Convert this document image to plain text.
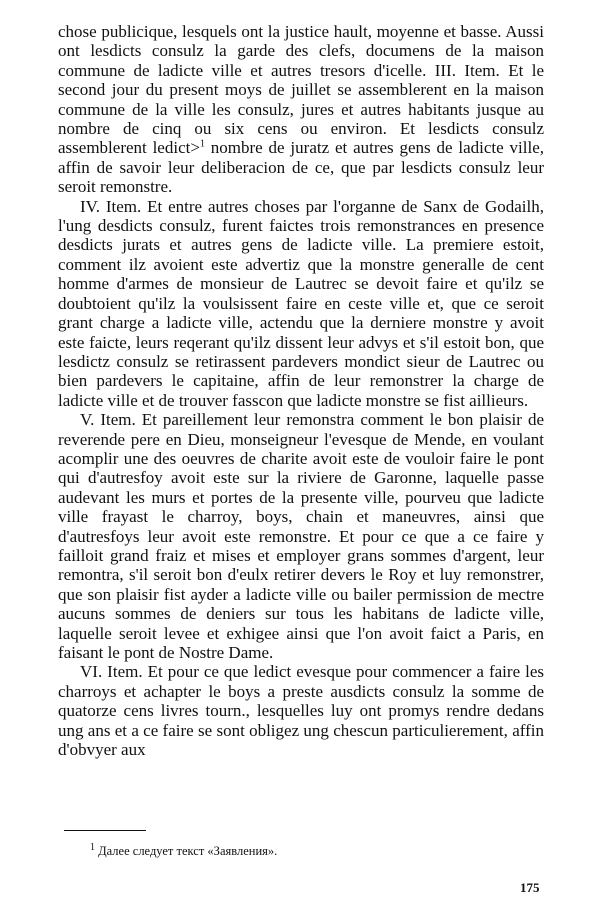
chose publicique, lesquels ont la justice hault, moyenne et basse. Aussi ont lesdicts consulz la garde des clefs, documens de la maison commune de ladicte ville et autres tresors d'icelle. III. Item. Et le second jour du present moys de juillet se assemblerent en la maison commune de la ville les consulz, jures et autres habitants jusque au nombre de cinq ou six cens ou environ. Et lesdicts consulz assemblerent ledict>$^1$ nombre de juratz et autres gens de ladicte ville, affin de savoir leur deliberacion de ce, que par lesdicts consulz leur seroit remonstre.

IV. Item. Et entre autres choses par l'organne de Sanx de Godailh, l'ung desdicts consulz, furent faictes trois remonstrances en presence desdicts jurats et autres gens de ladicte ville. La premiere estoit, comment ilz avoient este advertiz que la monstre generalle de cent homme d'armes de monsieur de Lautrec se devoit faire et qu'ilz se doubtoient qu'ilz la voulsissent faire en ceste ville et, que ce seroit grant charge a ladicte ville, actendu que la derniere monstre y avoit este faicte, leurs reqerant qu'ilz dissent leur advys et s'il estoit bon, que lesdictz consulz se retirassent pardevers mondict sieur de Lautrec ou bien pardevers le capitaine, affin de leur remonstrer la charge de ladicte ville et de trouver fasscon que ladicte monstre se fist aillieurs.

V. Item. Et pareillement leur remonstra comment le bon plaisir de reverende pere en Dieu, monseigneur l'evesque de Mende, en voulant acomplir une des oeuvres de charite avoit este de vouloir faire le pont qui d'autresfoy avoit este sur la riviere de Garonne, laquelle passe audevant les murs et portes de la presente ville, pourveu que ladicte ville frayast le charroy, boys, chain et maneuvres, ainsi que d'autresfoys leur avoit este remonstre. Et pour ce que a ce faire y failloit grand fraiz et mises et employer grans sommes d'argent, leur remontra, s'il seroit bon d'eulx retirer devers le Roy et luy remonstrer, que son plaisir fist ayder a ladicte ville ou bailer permission de mectre aucuns sommes de deniers sur tous les habitans de ladicte ville, laquelle seroit levee et exhigee ainsi que l'on avoit faict a Paris, en faisant le pont de Nostre Dame.

VI. Item. Et pour ce que ledict evesque pour commencer a faire les charroys et achapter le boys a preste ausdicts consulz la somme de quatorze cens livres tourn., lesquelles luy ont promys rendre dedans ung ans et a ce faire se sont obligez ung chescun particulierement, affin d'obvyer aux

$^1$ Далее следует текст «Заявления».

175
